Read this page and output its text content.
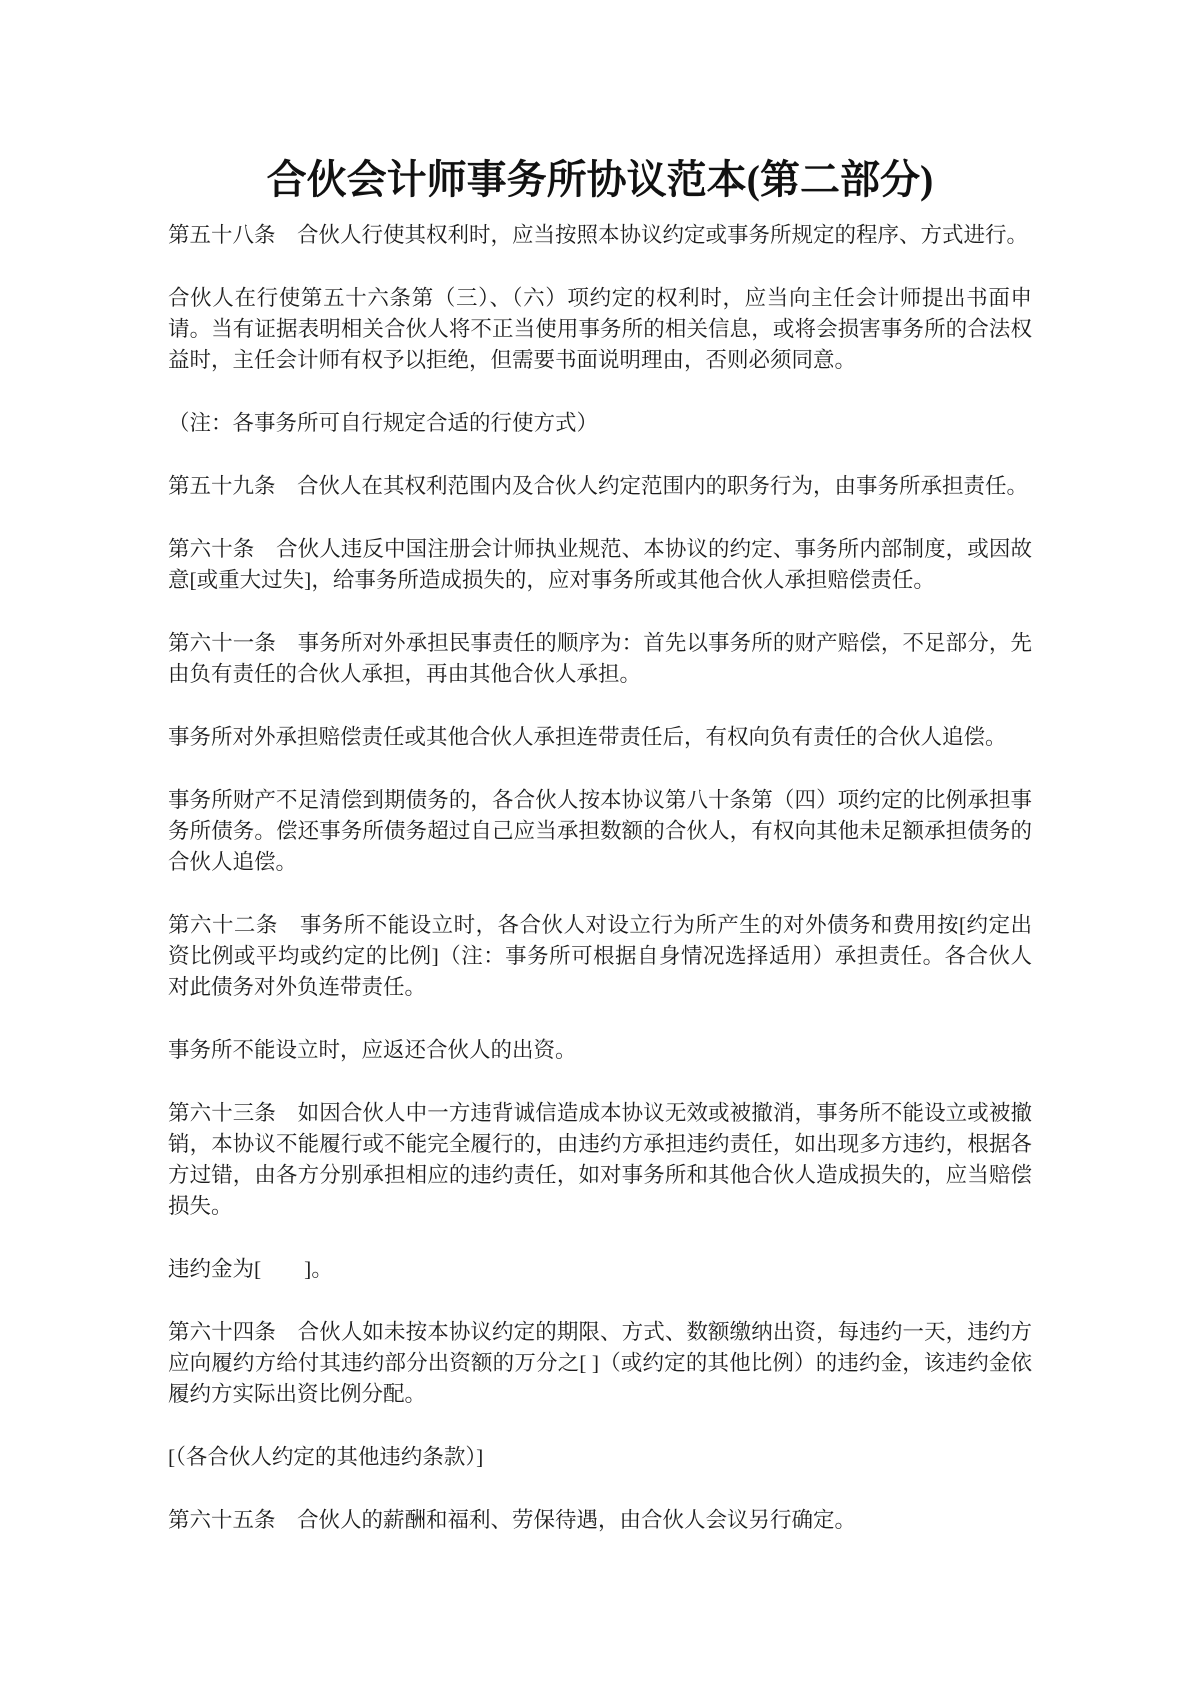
合伙会计师事务所协议范本(第二部分)

第五十八条　合伙人行使其权利时，应当按照本协议约定或事务所规定的程序、方式进行。

合伙人在行使第五十六条第（三）、（六）项约定的权利时，应当向主任会计师提出书面申请。当有证据表明相关合伙人将不正当使用事务所的相关信息，或将会损害事务所的合法权益时，主任会计师有权予以拒绝，但需要书面说明理由，否则必须同意。

（注：各事务所可自行规定合适的行使方式）

第五十九条　合伙人在其权利范围内及合伙人约定范围内的职务行为，由事务所承担责任。

第六十条　合伙人违反中国注册会计师执业规范、本协议的约定、事务所内部制度，或因故意[或重大过失]，给事务所造成损失的，应对事务所或其他合伙人承担赔偿责任。

第六十一条　事务所对外承担民事责任的顺序为：首先以事务所的财产赔偿，不足部分，先由负有责任的合伙人承担，再由其他合伙人承担。

事务所对外承担赔偿责任或其他合伙人承担连带责任后，有权向负有责任的合伙人追偿。

事务所财产不足清偿到期债务的，各合伙人按本协议第八十条第（四）项约定的比例承担事务所债务。偿还事务所债务超过自己应当承担数额的合伙人，有权向其他未足额承担债务的合伙人追偿。

第六十二条　事务所不能设立时，各合伙人对设立行为所产生的对外债务和费用按[约定出资比例或平均或约定的比例]（注：事务所可根据自身情况选择适用）承担责任。各合伙人对此债务对外负连带责任。

事务所不能设立时，应返还合伙人的出资。

第六十三条　如因合伙人中一方违背诚信造成本协议无效或被撤消，事务所不能设立或被撤销，本协议不能履行或不能完全履行的，由违约方承担违约责任，如出现多方违约，根据各方过错，由各方分别承担相应的违约责任，如对事务所和其他合伙人造成损失的，应当赔偿损失。

违约金为[　　]。

第六十四条　合伙人如未按本协议约定的期限、方式、数额缴纳出资，每违约一天，违约方应向履约方给付其违约部分出资额的万分之[ ]（或约定的其他比例）的违约金，该违约金依履约方实际出资比例分配。

[（各合伙人约定的其他违约条款）]

第六十五条　合伙人的薪酬和福利、劳保待遇，由合伙人会议另行确定。
